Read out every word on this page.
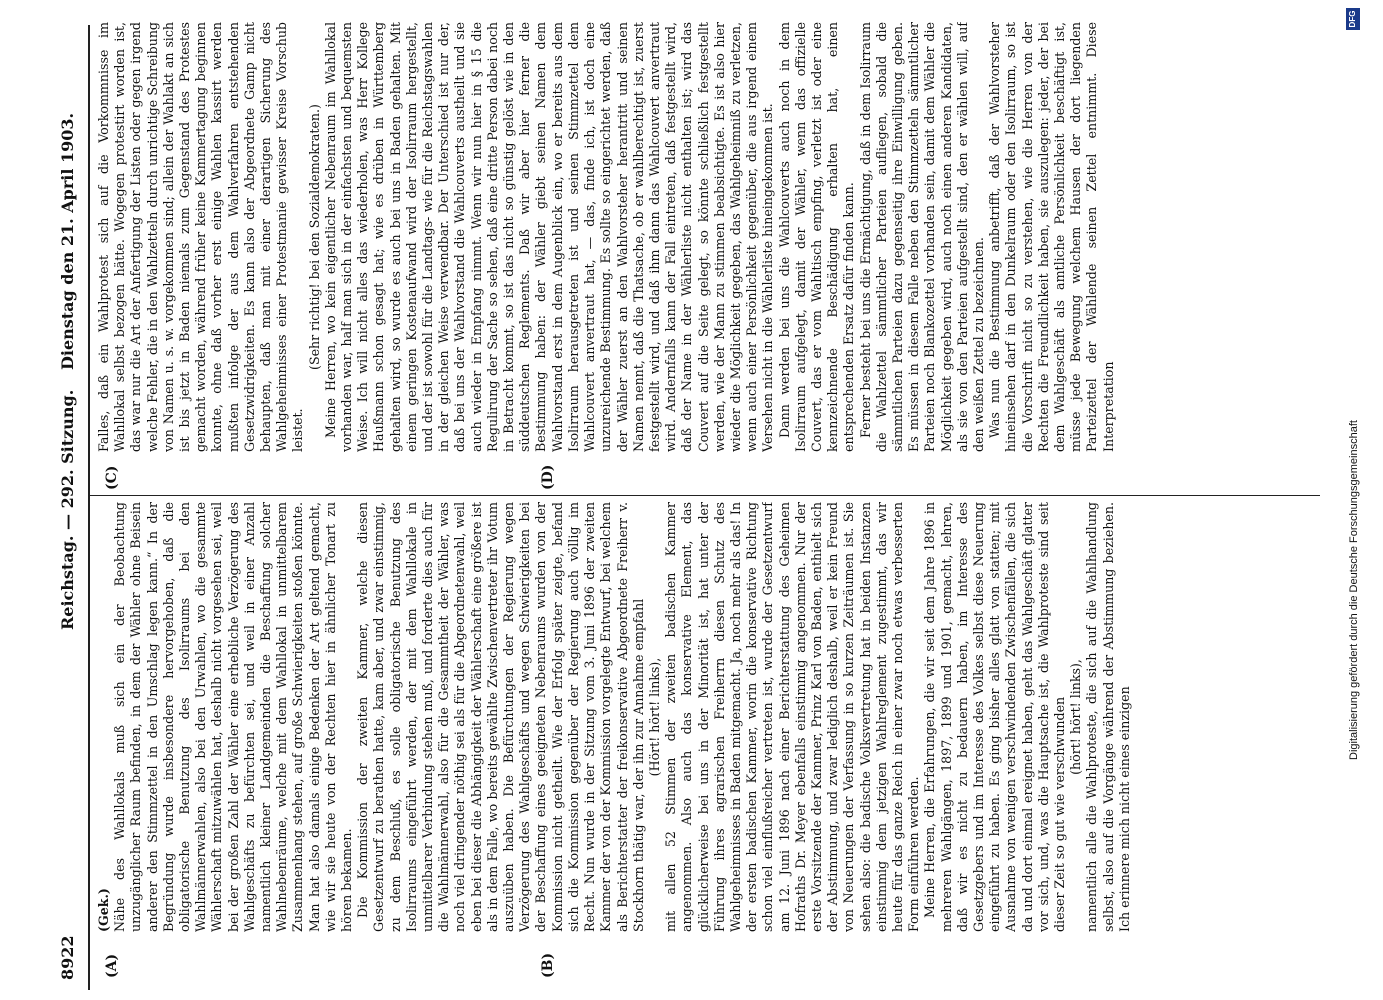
8922
Reichstag. — 292. Sitzung.
Dienstag den 21. April 1903.
(A)	(B)
(C)	(D)

(Gek.) Nähe des Wahllokals muß sich ein der Beobachtung unzugänglicher Raum befinden, in dem der Wähler ohne Beisein anderer den Stimmzettel in den Umschlag legen kann.“ In der Begründung wurde insbesondere hervorgehoben, daß die obligatorische Benutzung des Isolirraums bei den Wahlmännerwahlen, also bei den Urwahlen, wo die gesammte Wählerschaft mitzuwählen hat, deshalb nicht vorgesehen sei, weil bei der großen Zahl der Wähler eine erhebliche Verzögerung des Wahlgeschäfts zu befürchten sei, und weil in einer Anzahl namentlich kleiner Landgemeinden die Beschaffung solcher Wahlnebenräume, welche mit dem Wahllokal in unmittelbarem Zusammenhang stehen, auf große Schwierigkeiten stoßen könnte. Man hat also damals einige Bedenken der Art geltend gemacht, wie wir sie heute von der Rechten hier in ähnlicher Tonart zu hören bekamen. Die Kommission der zweiten Kammer, welche diesen Gesetzentwurf zu berathen hatte, kam aber, und zwar einstimmig, zu dem Beschluß, es solle obligatorische Benutzung des Isolirraums eingeführt werden, der mit dem Wahllokale in unmittelbarer Verbindung stehen muß, und forderte dies auch für die Wahlmännerwahl, also für die Gesammtheit der Wähler, was noch viel dringender nöthig sei als für die Abgeordnetenwahl, weil eben bei dieser die Abhängigkeit der Wählerschaft eine größere ist als in dem Falle, wo bereits gewählte Zwischenvertreter ihr Votum auszuüben haben. Die Befürchtungen der Regierung wegen Verzögerung des Wahlgeschäfts und wegen Schwierigkeiten bei der Beschaffung eines geeigneten Nebenraums wurden von der Kommission nicht getheilt. Wie der Erfolg später zeigte, befand sich die Kommission gegenüber der Regierung auch völlig im Recht. Nun wurde in der Sitzung vom 3. Juni 1896 der zweiten Kammer der von der Kommission vorgelegte Entwurf, bei welchem als Berichterstatter der freikonservative Abgeordnete Freiherr v. Stockhorn thätig war, der ihn zur Annahme empfahl (Hört! hört! links), mit allen 52 Stimmen der zweiten badischen Kammer angenommen. Also auch das konservative Element, das glücklicherweise bei uns in der Minorität ist, hat unter der Führung ihres agrarischen Freiherrn diesen Schutz des Wahlgeheimnisses in Baden mitgemacht. Ja, noch mehr als das! In der ersten badischen Kammer, worin die konservative Richtung schon viel einflußreicher vertreten ist, wurde der Gesetzentwurf am 12. Juni 1896 nach einer Berichterstattung des Geheimen Hofraths Dr. Meyer ebenfalls einstimmig angenommen. Nur der erste Vorsitzende der Kammer, Prinz Karl von Baden, enthielt sich der Abstimmung, und zwar lediglich deshalb, weil er kein Freund von Neuerungen der Verfassung in so kurzen Zeiträumen ist. Sie sehen also: die badische Volksvertretung hat in beiden Instanzen einstimmig dem jetzigen Wahlreglement zugestimmt, das wir heute für das ganze Reich in einer zwar noch etwas verbesserten Form einführen werden. Meine Herren, die Erfahrungen, die wir seit dem Jahre 1896 in mehreren Wahlgängen, 1897, 1899 und 1901, gemacht, lehren, daß wir es nicht zu bedauern haben, im Interesse des Gesetzgebers und im Interesse des Volkes selbst diese Neuerung eingeführt zu haben. Es ging bisher alles glatt von statten; mit Ausnahme von wenigen verschwindenden Zwischenfällen, die sich da und dort einmal ereignet haben, geht das Wahlgeschäft glatter vor sich, und, was die Hauptsache ist, die Wahlproteste sind seit dieser Zeit so gut wie verschwunden (hört! hört! links), namentlich alle die Wahlproteste, die sich auf die Wahlhandlung selbst, also auf die Vorgänge während der Abstimmung beziehen. Ich erinnere mich nicht eines einzigen

Falles, daß ein Wahlprotest sich auf die Vorkommnisse im Wahllokal selbst bezogen hätte. Wogegen protestirt worden ist, das war nur die Art der Anfertigung der Listen oder gegen irgend welche Fehler, die in den Wahlzetteln durch unrichtige Schreibung von Namen u. s. w. vorgekommen sind; allein der Wahlakt an sich ist bis jetzt in Baden niemals zum Gegenstand des Protestes gemacht worden, während früher keine Kammertagung beginnen konnte, ohne daß vorher erst einige Wahlen kassirt werden mußten infolge der aus dem Wahlverfahren entstehenden Gesetzwidrigkeiten. Es kann also der Abgeordnete Gamp nicht behaupten, daß man mit einer derartigen Sicherung des Wahlgeheimnisses einer Protestmanie gewisser Kreise Vorschub leistet.

(Sehr richtig! bei den Sozialdemokraten.) Meine Herren, wo kein eigentlicher Nebenraum im Wahllokal vorhanden war, half man sich in der einfachsten und bequemsten Weise. Ich will nicht alles das wiederholen, was Herr Kollege Haußmann schon gesagt hat; wie es drüben in Württemberg gehalten wird, so wurde es auch bei uns in Baden gehalten. Mit einem geringen Kostenaufwand wird der Isolirraum hergestellt, und der ist sowohl für die Landtags- wie für die Reichstagswahlen in der gleichen Weise verwendbar. Der Unterschied ist nur der, daß bei uns der Wahlvorstand die Wahlcouverts austheilt und sie auch wieder in Empfang nimmt. Wenn wir nun hier in § 15 die Regulirung der Sache so sehen, daß eine dritte Person dabei noch in Betracht kommt, so ist das nicht so günstig gelöst wie in den süddeutschen Reglements. Daß wir aber hier ferner die Bestimmung haben: der Wähler giebt seinen Namen dem Wahlvorstand erst in dem Augenblick ein, wo er bereits aus dem Isolirraum herausgetreten ist und seinen Stimmzettel dem Wahlcouvert anvertraut hat, — das, finde ich, ist doch eine unzureichende Bestimmung. Es sollte so eingerichtet werden, daß der Wähler zuerst an den Wahlvorsteher herantritt und seinen Namen nennt, daß die Thatsache, ob er wahlberechtigt ist, zuerst festgestellt wird, und daß ihm dann das Wahlcouvert anvertraut wird. Andernfalls kann der Fall eintreten, daß festgestellt wird, daß der Name in der Wählerliste nicht enthalten ist; wird das Couvert auf die Seite gelegt, so könnte schließlich festgestellt werden, wie der Mann zu stimmen beabsichtigte. Es ist also hier wieder die Möglichkeit gegeben, das Wahlgeheimniß zu verletzen, wenn auch einer Persönlichkeit gegenüber, die aus irgend einem Versehen nicht in die Wählerliste hineingekommen ist. Dann werden bei uns die Wahlcouverts auch noch in dem Isolirraum aufgelegt, damit der Wähler, wenn das offizielle Couvert, das er vom Wahltisch empfing, verletzt ist oder eine kennzeichnende Beschädigung erhalten hat, einen entsprechenden Ersatz dafür finden kann. Ferner besteht bei uns die Ermächtigung, daß in dem Isolirraum die Wahlzettel sämmtlicher Parteien aufliegen, sobald die sämmtlichen Parteien dazu gegenseitig ihre Einwilligung geben. Es müssen in diesem Falle neben den Stimmzetteln sämmtlicher Parteien noch Blankozettel vorhanden sein, damit dem Wähler die Möglichkeit gegeben wird, auch noch einen anderen Kandidaten, als sie von den Parteien aufgestellt sind, den er wählen will, auf den weißen Zettel zu bezeichnen. Was nun die Bestimmung anbetrifft, daß der Wahlvorsteher hineinsehen darf in den Dunkelraum oder den Isolirraum, so ist die Vorschrift nicht so zu verstehen, wie die Herren von der Rechten die Freundlichkeit haben, sie auszulegen: jeder, der bei dem Wahlgeschäft als amtliche Persönlichkeit beschäftigt ist, müsse jede Bewegung welchem Hausen der dort liegenden Parteizettel der Wählende seinen Zettel entnimmt. Diese Interpretation

Digitalisierung gefördert durch die Deutsche Forschungsgemeinschaft
DFG
